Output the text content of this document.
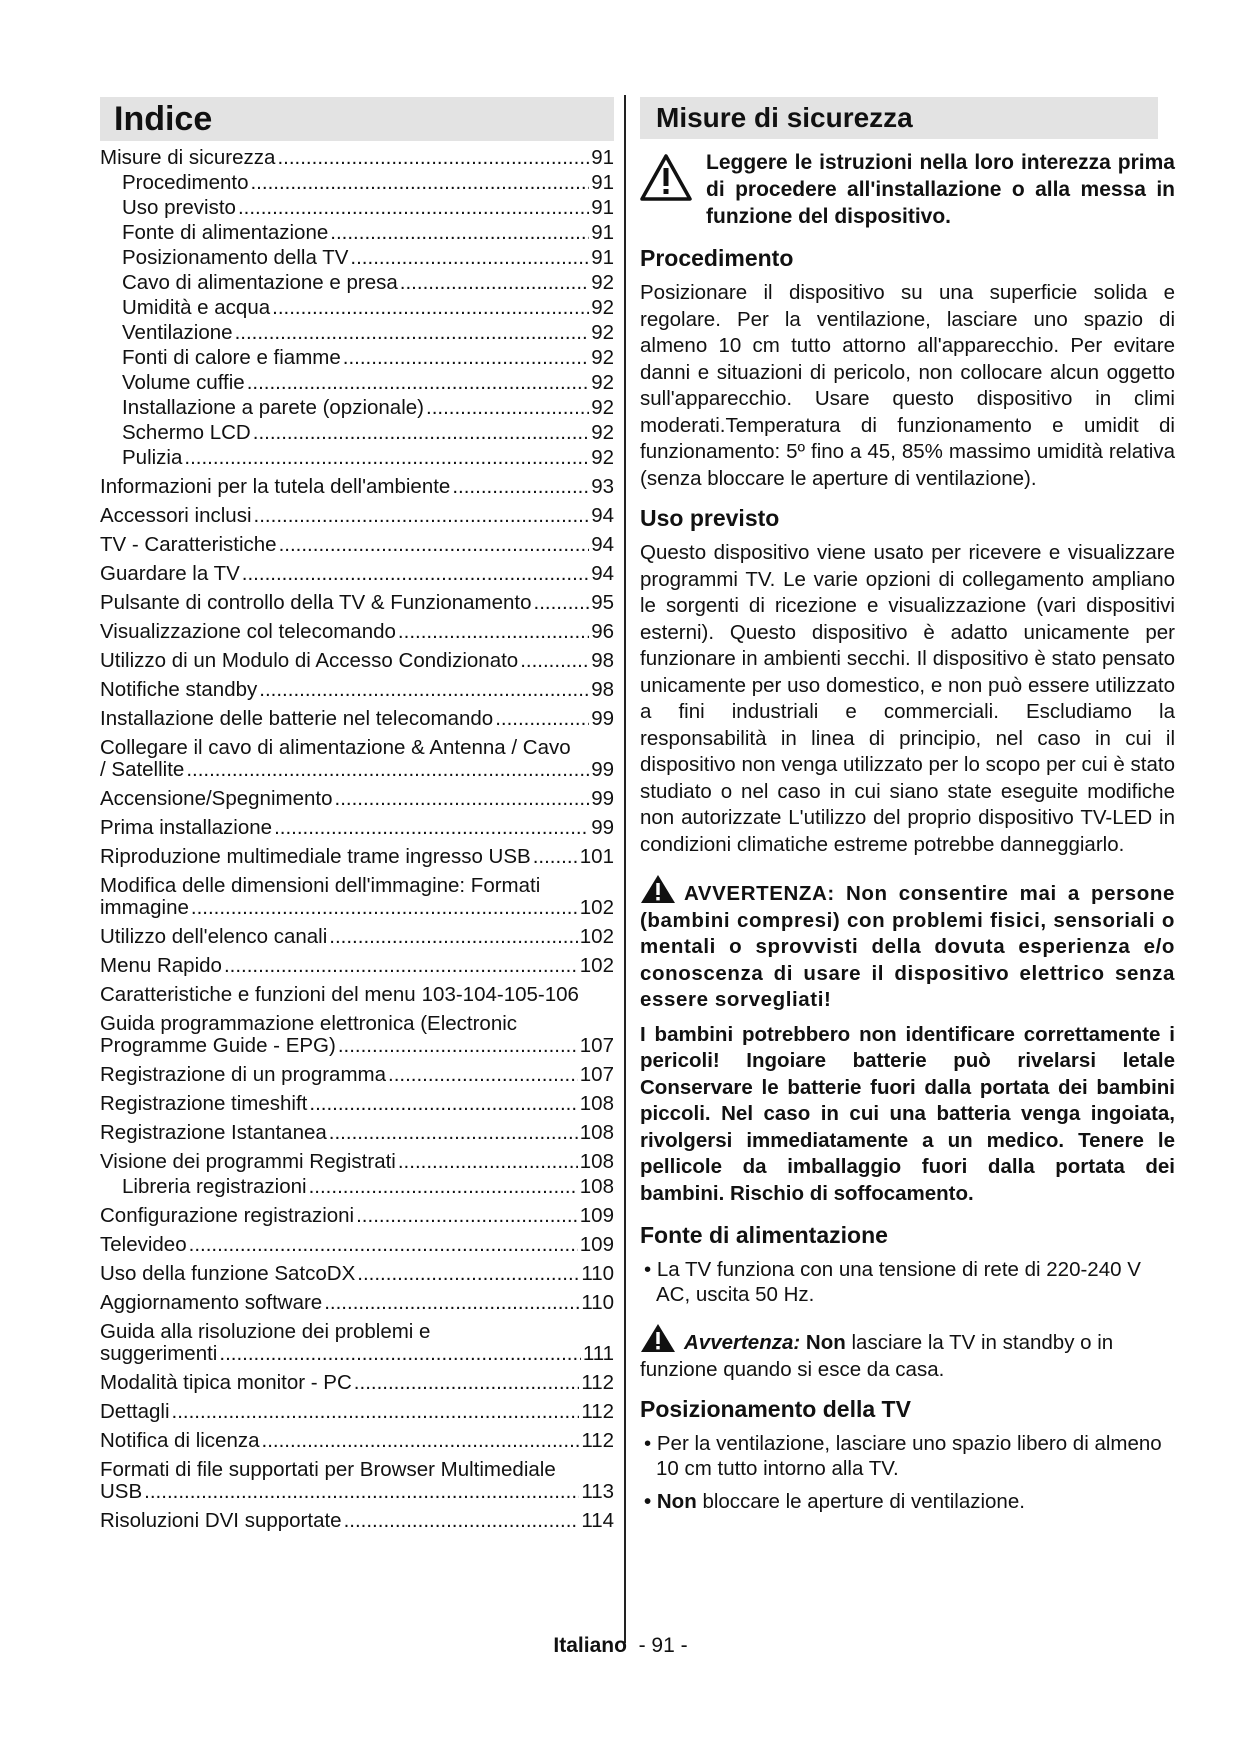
Indice
Misure di sicurezza .....	91
Procedimento .....	91
Uso previsto .....	91
Fonte di alimentazione .....	91
Posizionamento della TV .....	91
Cavo di alimentazione e presa .....	92
Umidità e acqua .....	92
Ventilazione .....	92
Fonti di calore e fiamme .....	92
Volume cuffie .....	92
Installazione a parete (opzionale) .....	92
Schermo LCD .....	92
Pulizia .....	92
Informazioni per la tutela dell'ambiente .....	93
Accessori inclusi .....	94
TV - Caratteristiche .....	94
Guardare la TV .....	94
Pulsante di controllo della TV & Funzionamento .....	95
Visualizzazione col telecomando .....	96
Utilizzo di un Modulo di Accesso Condizionato .....	98
Notifiche standby .....	98
Installazione delle batterie nel telecomando .....	99
Collegare il cavo di alimentazione & Antenna / Cavo
/ Satellite .....	99
Accensione/Spegnimento .....	99
Prima installazione .....	99
Riproduzione multimediale trame ingresso USB ..... 101
Modifica delle dimensioni dell'immagine: Formati
immagine .....	102
Utilizzo dell'elenco canali .....	102
Menu Rapido .....	102
Caratteristiche e funzioni del menu 103-104-105-106
Guida programmazione elettronica (Electronic
Programme Guide - EPG) .....	107
Registrazione di un programma .....	107
Registrazione timeshift .....	108
Registrazione Istantanea .....	108
Visione dei programmi Registrati .....	108
Libreria registrazioni .....	108
Configurazione registrazioni .....	109
Televideo .....	109
Uso della funzione SatcoDX .....	110
Aggiornamento software .....	110
Guida alla risoluzione dei problemi e
suggerimenti .....	111
Modalità tipica monitor - PC .....	112
Dettagli .....	112
Notifica di licenza .....	112
Formati di file supportati per Browser Multimediale
USB .....	113
Risoluzioni DVI supportate .....	114
Misure di sicurezza
Leggere le istruzioni nella loro interezza prima di procedere all'installazione o alla messa in funzione del dispositivo.
Procedimento

Posizionare il dispositivo su una superficie solida e regolare. Per la ventilazione, lasciare uno spazio di almeno 10 cm tutto attorno all'apparecchio. Per evitare danni e situazioni di pericolo, non collocare alcun oggetto sull'apparecchio. Usare questo dispositivo in climi moderati.Temperatura di funzionamento e umidit di funzionamento: 5º fino a 45, 85% massimo umidità relativa (senza bloccare le aperture di ventilazione).

Uso previsto

Questo dispositivo viene usato per ricevere e visualizzare programmi TV. Le varie opzioni di collegamento ampliano le sorgenti di ricezione e visualizzazione (vari dispositivi esterni). Questo dispositivo è adatto unicamente per funzionare in ambienti secchi. Il dispositivo è stato pensato unicamente per uso domestico, e non può essere utilizzato a fini industriali e commerciali. Escludiamo la responsabilità in linea di principio, nel caso in cui il dispositivo non venga utilizzato per lo scopo per cui è stato studiato o nel caso in cui siano state eseguite modifiche non autorizzate L'utilizzo del proprio dispositivo TV-LED in condizioni climatiche estreme potrebbe danneggiarlo.

AVVERTENZA: Non consentire mai a persone (bambini compresi) con problemi fisici, sensoriali o mentali o sprovvisti della dovuta esperienza e/o conoscenza di usare il dispositivo elettrico senza essere sorvegliati!

I bambini potrebbero non identificare correttamente i pericoli! Ingoiare batterie può rivelarsi letale Conservare le batterie fuori dalla portata dei bambini piccoli. Nel caso in cui una batteria venga ingoiata, rivolgersi immediatamente a un medico. Tenere le pellicole da imballaggio fuori dalla portata dei bambini. Rischio di soffocamento.

Fonte di alimentazione
• La TV funziona con una tensione di rete di 220-240 V AC, uscita 50 Hz.

Avvertenza: Non lasciare la TV in standby o in funzione quando si esce da casa.

Posizionamento della TV
• Per la ventilazione, lasciare uno spazio libero di almeno 10 cm tutto intorno alla TV.
• Non bloccare le aperture di ventilazione.
Italiano - 91 -
